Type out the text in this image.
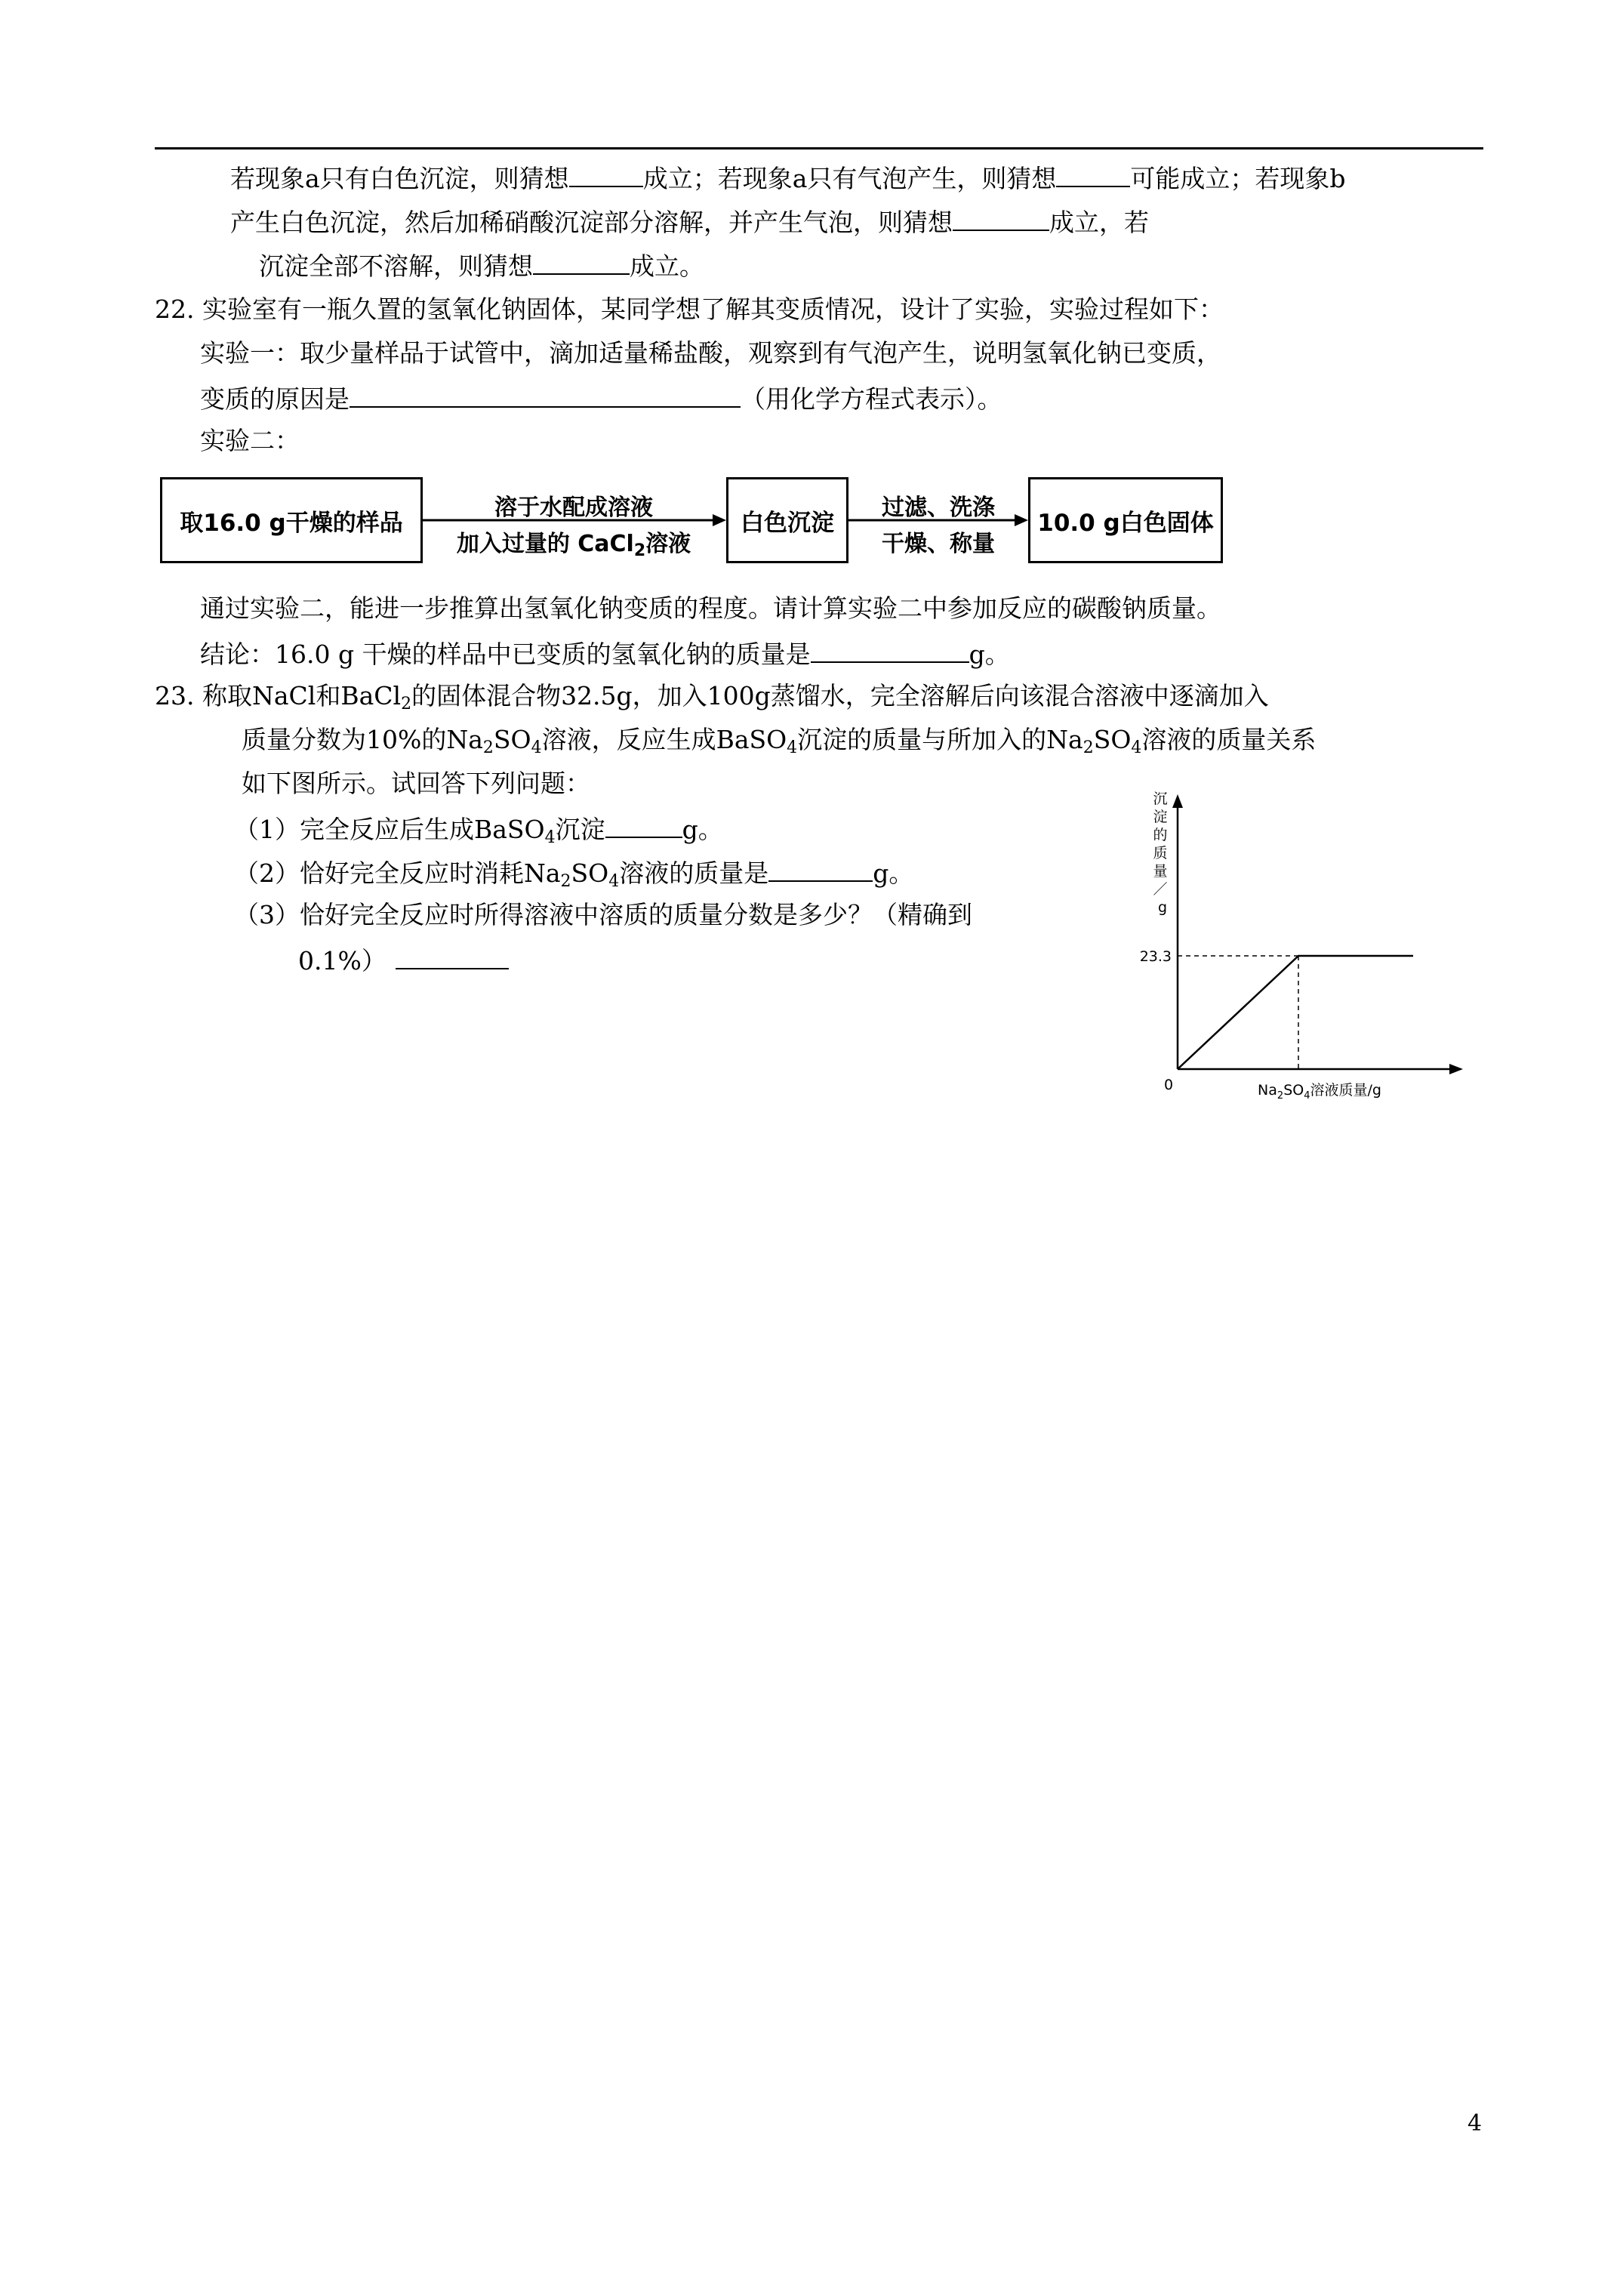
若现象a只有白色沉淀，则猜想	成立；若现象a只有气泡产生，则猜想	可能成立；若现象b
产生白色沉淀，然后加稀硝酸沉淀部分溶解，并产生气泡，则猜想	成立，若
沉淀全部不溶解，则猜想	成立。
22. 实验室有一瓶久置的氢氧化钠固体，某同学想了解其变质情况，设计了实验，实验过程如下：
实验一：取少量样品于试管中，滴加适量稀盐酸，观察到有气泡产生，说明氢氧化钠已变质，
变质的原因是	（用化学方程式表示）。
实验二：
取16.0 g干燥的样品
溶于水配成溶液
加入过量的 CaCl$_2$溶液
白色沉淀
过滤、洗涤
干燥、称量
10.0 g白色固体
通过实验二，能进一步推算出氢氧化钠变质的程度。请计算实验二中参加反应的碳酸钠质量。
结论：16.0 g 干燥的样品中已变质的氢氧化钠的质量是	g。
23. 称取NaCl和BaCl$_2$的固体混合物32.5g，加入100g蒸馏水，完全溶解后向该混合溶液中逐滴加入
质量分数为10%的$Na_2SO_4$溶液，反应生成BaSO$_4$沉淀的质量与所加入的$Na_2SO_4$溶液的质量关系
如下图所示。试回答下列问题：
（1）完全反应后生成BaSO$_4$沉淀	g。
（2）恰好完全反应时消耗$Na_2SO_4$溶液的质量是	g。
（3）恰好完全反应时所得溶液中溶质的质量分数是多少？（精确到
0.1%）
沉 淀 的 质 量 ／ g
0
23.3
$Na_2SO_4$溶液质量/g
4
